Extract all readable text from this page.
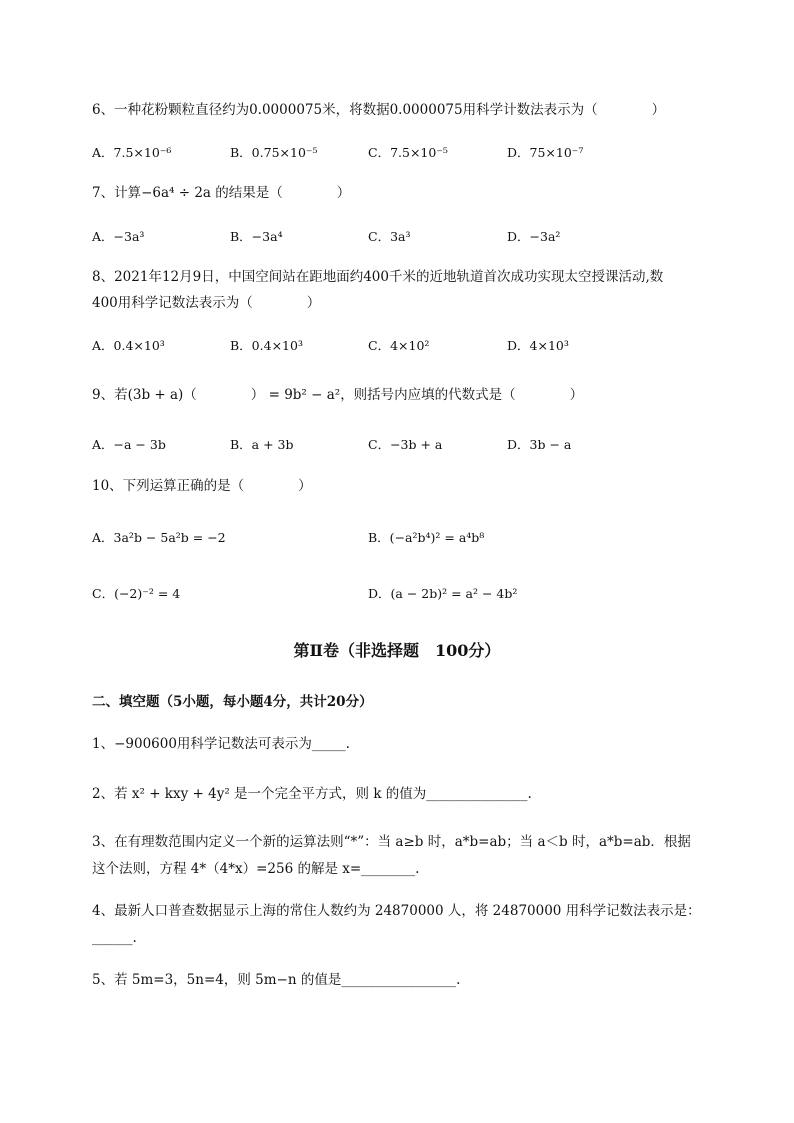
6、一种花粉颗粒直径约为0.0000075米，将数据0.0000075用科学计数法表示为（　　　　）
A．7.5×10⁻⁶	B．0.75×10⁻⁵	C．7.5×10⁻⁵	D．75×10⁻⁷
7、计算−6a⁴ ÷ 2a 的结果是（　　　　）
A．−3a³	B．−3a⁴	C．3a³	D．−3a²
8、2021年12月9日，中国空间站在距地面约400千米的近地轨道首次成功实现太空授课活动,数
400用科学记数法表示为（　　　　）
A．0.4×10³	B．0.4×10³	C．4×10²	D．4×10³
9、若(3b + a)（　　　　） = 9b² − a²，则括号内应填的代数式是（　　　　）
A．−a − 3b	B．a + 3b	C．−3b + a	D．3b − a
10、下列运算正确的是（　　　　）
A．3a²b − 5a²b = −2	B．(−a²b⁴)² = a⁴b⁸
C．(−2)⁻² = 4	D．(a − 2b)² = a² − 4b²
第Ⅱ卷（非选择题　100分）
二、填空题（5小题，每小题4分，共计20分）
1、−900600用科学记数法可表示为_____.
2、若 x² + kxy + 4y² 是一个完全平方式，则 k 的值为_______________.
3、在有理数范围内定义一个新的运算法则“*”：当 a≥b 时，a*b=ab；当 a＜b 时，a*b=ab．根据
这个法则，方程 4*（4*x）=256 的解是 x=________.
4、最新人口普查数据显示上海的常住人数约为 24870000 人，将 24870000 用科学记数法表示是：
______.
5、若 5m=3，5n=4，则 5m−n 的值是_________________.
